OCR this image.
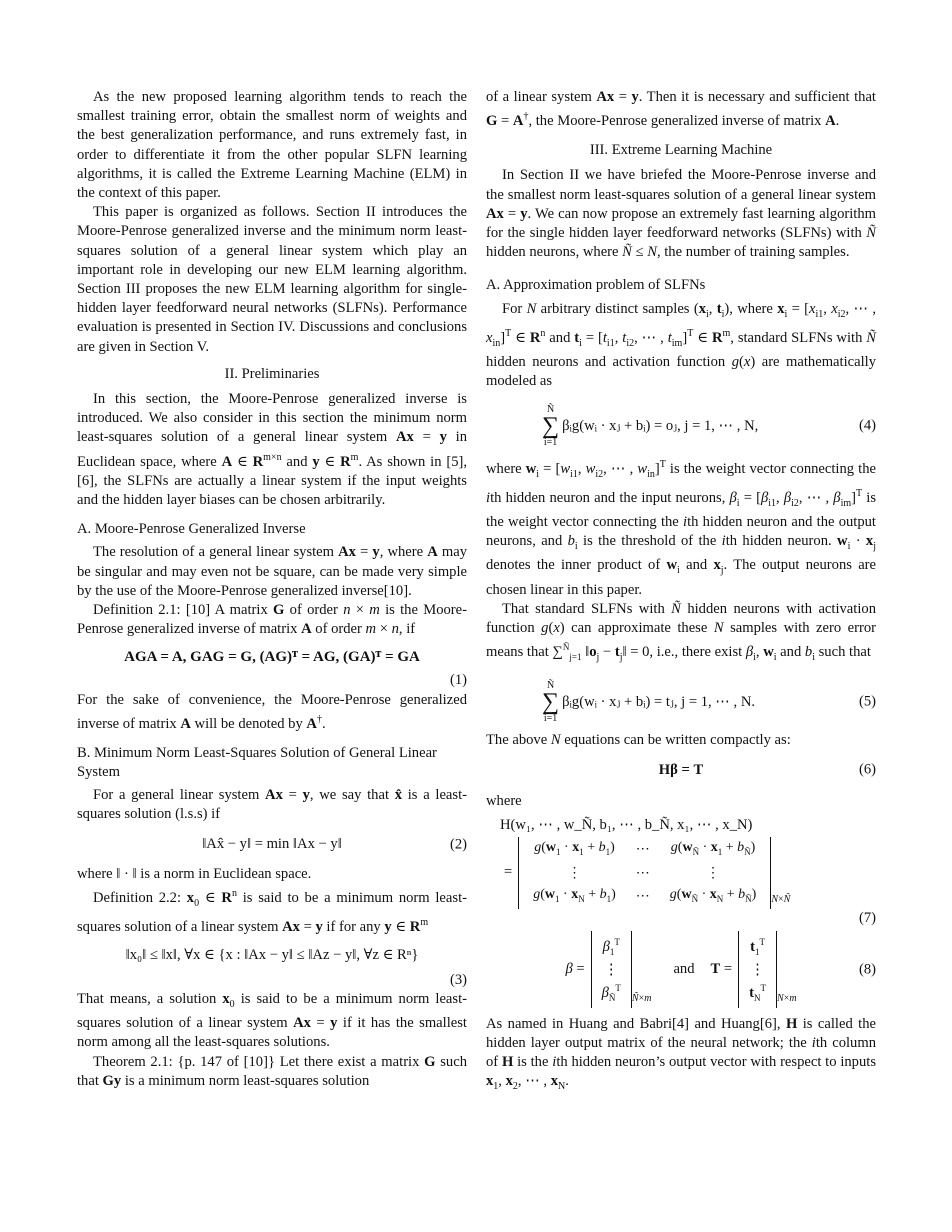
As the new proposed learning algorithm tends to reach the smallest training error, obtain the smallest norm of weights and the best generalization performance, and runs extremely fast, in order to differentiate it from the other popular SLFN learning algorithms, it is called the Extreme Learning Machine (ELM) in the context of this paper.

This paper is organized as follows. Section II introduces the Moore-Penrose generalized inverse and the minimum norm least-squares solution of a general linear system which play an important role in developing our new ELM learning algorithm. Section III proposes the new ELM learning algorithm for single-hidden layer feedforward neural networks (SLFNs). Performance evaluation is presented in Section IV. Discussions and conclusions are given in Section V.

II. Preliminaries

In this section, the Moore-Penrose generalized inverse is introduced. We also consider in this section the minimum norm least-squares solution of a general linear system Ax = y in Euclidean space, where A ∈ $R^{m\times n}$ and y ∈ $R^m$. As shown in [5], [6], the SLFNs are actually a linear system if the input weights and the hidden layer biases can be chosen arbitrarily.

A. Moore-Penrose Generalized Inverse

The resolution of a general linear system Ax = y, where A may be singular and may even not be square, can be made very simple by the use of the Moore-Penrose generalized inverse[10].

Definition 2.1: [10] A matrix G of order n × m is the Moore-Penrose generalized inverse of matrix A of order m × n, if

AGA = A, GAG = G, (AG)ᵀ = AG, (GA)ᵀ = GA
(1)

For the sake of convenience, the Moore-Penrose generalized inverse of matrix A will be denoted by A†.

B. Minimum Norm Least-Squares Solution of General Linear System

For a general linear system Ax = y, we say that x̂ is a least-squares solution (l.s.s) if

‖Ax̂ − y‖ = min ‖Ax − y‖	(2)

where ‖ · ‖ is a norm in Euclidean space.

Definition 2.2: $x_0$ ∈ $R^n$ is said to be a minimum norm least-squares solution of a linear system Ax = y if for any y ∈ $R^m$

‖x₀‖ ≤ ‖x‖, ∀x ∈ {x : ‖Ax − y‖ ≤ ‖Az − y‖, ∀z ∈ Rⁿ}
(3)

That means, a solution $x_0$ is said to be a minimum norm least-squares solution of a linear system Ax = y if it has the smallest norm among all the least-squares solutions.

Theorem 2.1: {p. 147 of [10]} Let there exist a matrix G such that Gy is a minimum norm least-squares solution

of a linear system Ax = y. Then it is necessary and sufficient that G = A†, the Moore-Penrose generalized inverse of matrix A.

III. Extreme Learning Machine

In Section II we have briefed the Moore-Penrose inverse and the smallest norm least-squares solution of a general linear system Ax = y. We can now propose an extremely fast learning algorithm for the single hidden layer feedforward networks (SLFNs) with Ñ hidden neurons, where Ñ ≤ N, the number of training samples.

A. Approximation problem of SLFNs

For N arbitrary distinct samples ($x_i$, $t_i$), where $x_i = [x_{i1}$, $x_{i2}$, ⋯ , $x_{in}]^T$ ∈ $R^n$ and $t_i = [t_{i1}$, $t_{i2}$, ⋯ , $t_{im}]^T$ ∈ $R^m$, standard SLFNs with Ñ hidden neurons and activation function g(x) are mathematically modeled as

Ñ
∑
i=1
βᵢg(wᵢ · xⱼ + bᵢ) = oⱼ, j = 1, ⋯ , N,	(4)

where $w_i = [w_{i1}$, $w_{i2}$, ⋯ , $w_{in}]^T$ is the weight vector connecting the ith hidden neuron and the input neurons, $\beta_i = [\beta_{i1}$, $\beta_{i2}$, ⋯ , $\beta_{im}]^T$ is the weight vector connecting the ith hidden neuron and the output neurons, and $b_i$ is the threshold of the ith hidden neuron. $w_i \cdot x_j$ denotes the inner product of $w_i$ and $x_j$. The output neurons are chosen linear in this paper.

That standard SLFNs with Ñ hidden neurons with activation function g(x) can approximate these N samples with zero error means that ∑$^Ñ_{j=1}$ $‖o_j$ − $t_j‖ = 0$, i.e., there exist $\beta_i$, $w_i$ and $b_i$ such that

Ñ
∑
i=1
βᵢg(wᵢ · xⱼ + bᵢ) = tⱼ, j = 1, ⋯ , N.	(5)

The above N equations can be written compactly as:

Hβ = T	(6)

where

H(w₁, ⋯ , w_Ñ, b₁, ⋯ , b_Ñ, x₁, ⋯ , x_N)
=
$g(w_1 \cdot x_1 + b_1)$	⋯	$g(w_Ñ \cdot x_1 + b_Ñ)$
⋮	⋯	⋮
$g(w_1 \cdot x_N + b_1)$	⋯	$g(w_Ñ \cdot x_N + b_Ñ)$ N×Ñ
(7)
β =
$\beta_1^T$
⋮
$\beta_Ñ^T$
Ñ×m
and T =
$t_1^T$
⋮
$t_N^T$
N×m
(8)

As named in Huang and Babri[4] and Huang[6], H is called the hidden layer output matrix of the neural network; the ith column of H is the ith hidden neuron’s output vector with respect to inputs $x_1$, $x_2$, ⋯ , $x_N$.
